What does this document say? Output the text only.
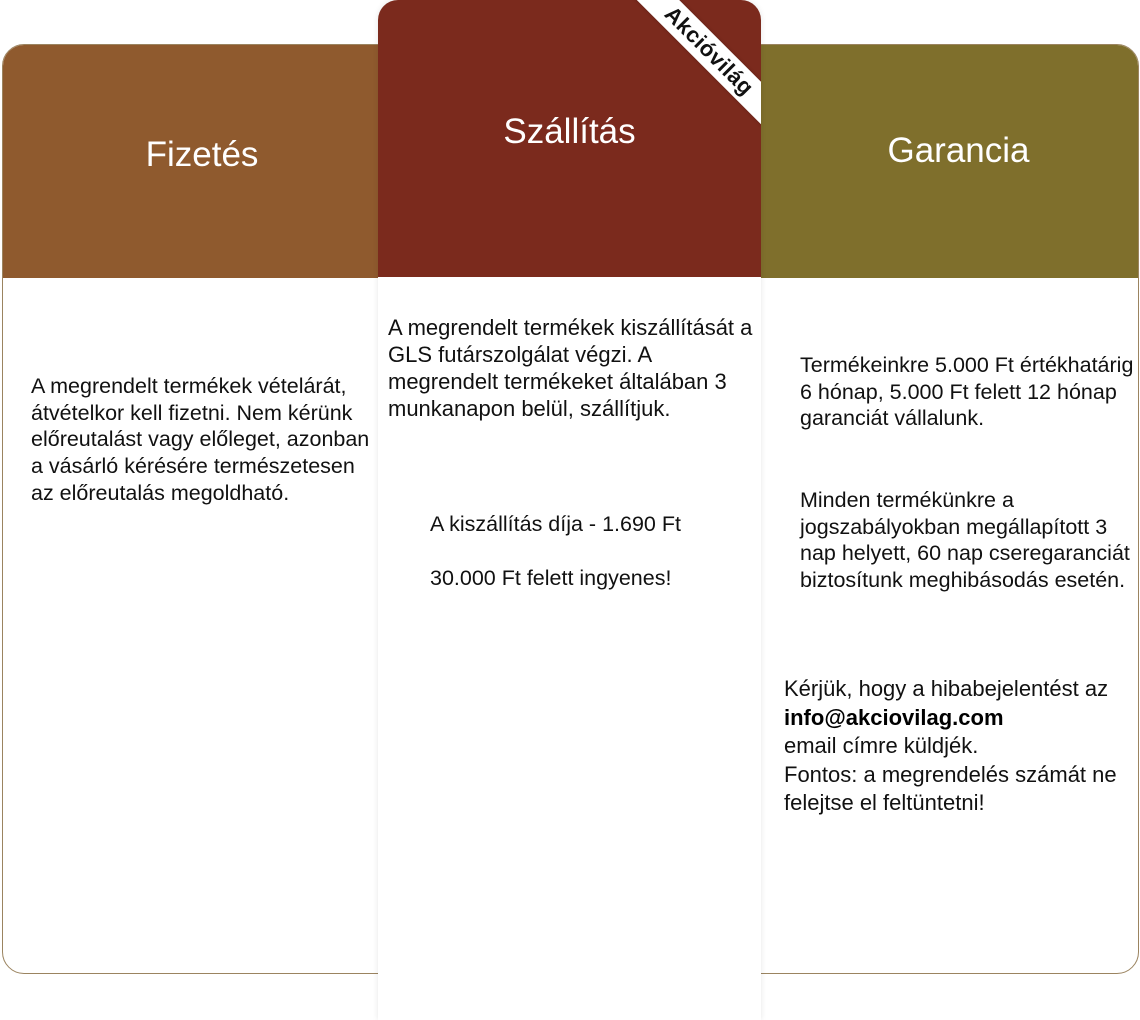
Fizetés
A megrendelt termékek vételárát, átvételkor kell fizetni. Nem kérünk előreutalást vagy előleget, azonban a vásárló kérésére természetesen az előreutalás megoldható.
Garancia
Termékeinkre 5.000 Ft értékhatárig 6 hónap, 5.000 Ft felett 12 hónap garanciát vállalunk.
Minden termékünkre a jogszabályokban megállapított 3 nap helyett, 60 nap cseregaranciát biztosítunk meghibásodás esetén.
Kérjük, hogy a hibabejelentést az info@akciovilag.com
email címre küldjék.
Fontos: a megrendelés számát ne felejtse el feltüntetni!
Szállítás
Akcióvilág
A megrendelt termékek kiszállítását a GLS futárszolgálat végzi. A megrendelt termékeket általában 3 munkanapon belül, szállítjuk.
A kiszállítás díja - 1.690 Ft
30.000 Ft felett ingyenes!
